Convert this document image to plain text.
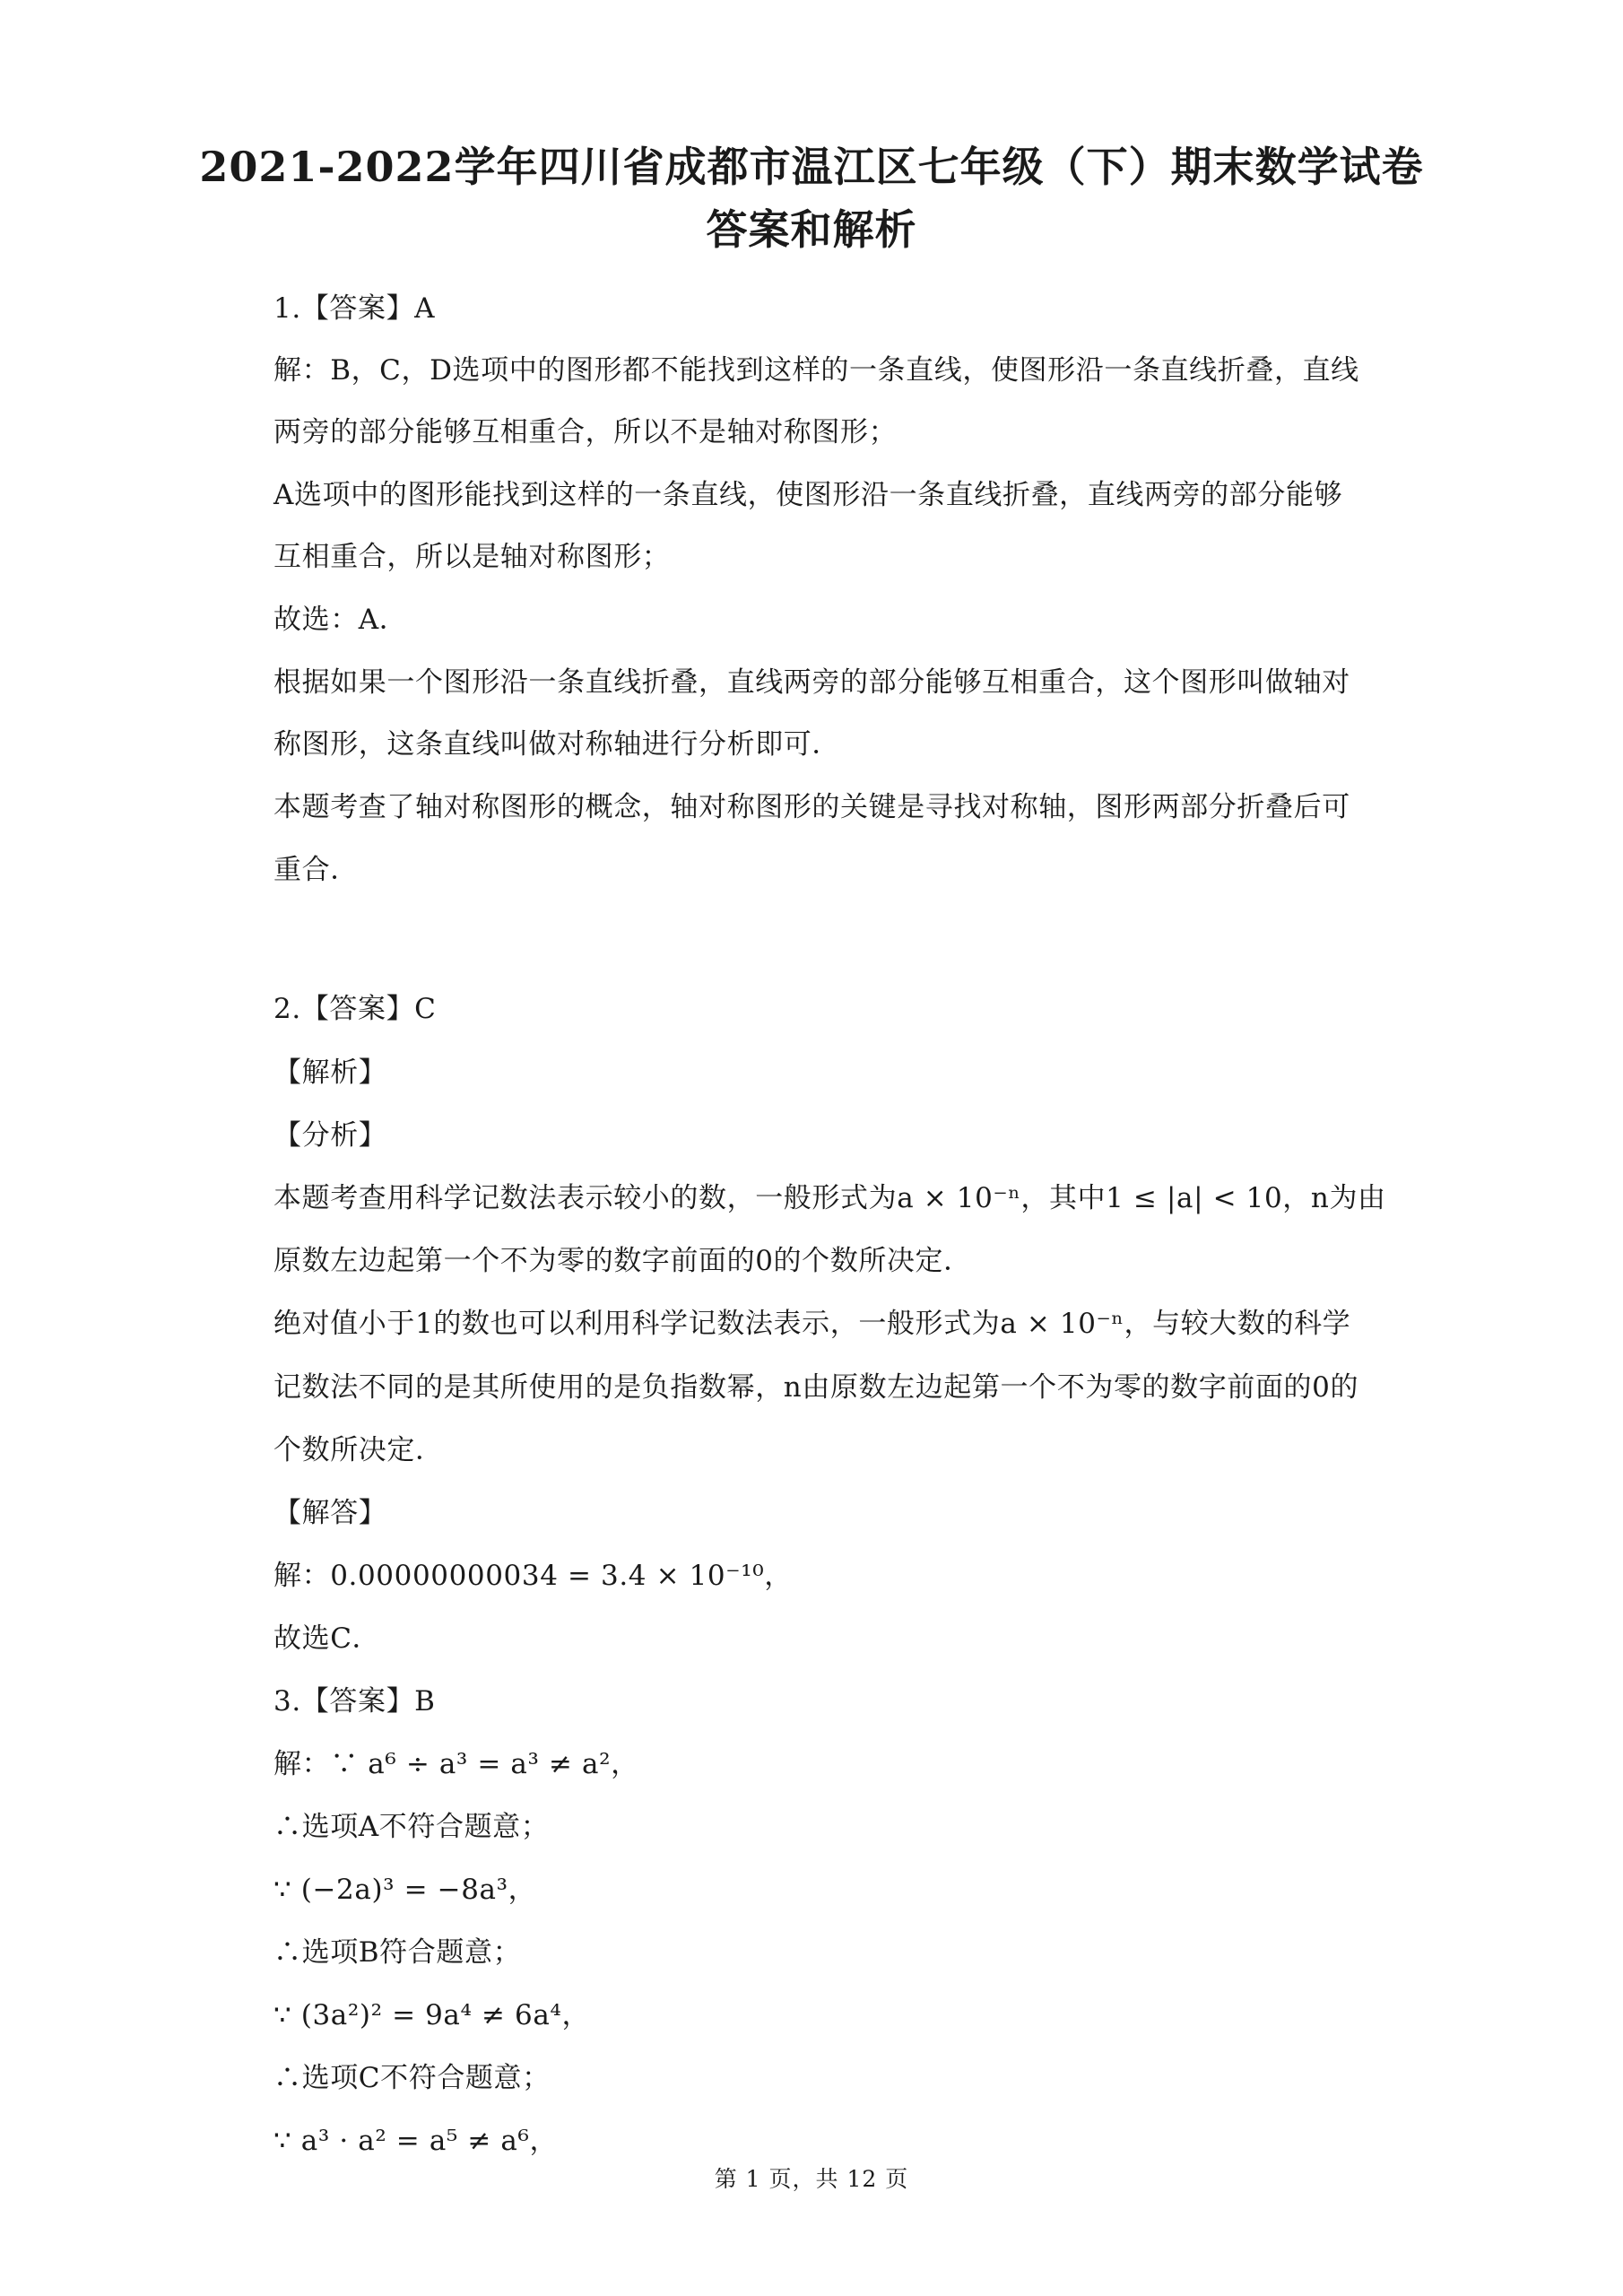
2021-2022学年四川省成都市温江区七年级（下）期末数学试卷
答案和解析
1.【答案】A
解：B，C，D选项中的图形都不能找到这样的一条直线，使图形沿一条直线折叠，直线
两旁的部分能够互相重合，所以不是轴对称图形；
A选项中的图形能找到这样的一条直线，使图形沿一条直线折叠，直线两旁的部分能够
互相重合，所以是轴对称图形；
故选：A．
根据如果一个图形沿一条直线折叠，直线两旁的部分能够互相重合，这个图形叫做轴对
称图形，这条直线叫做对称轴进行分析即可．
本题考查了轴对称图形的概念，轴对称图形的关键是寻找对称轴，图形两部分折叠后可
重合．
2.【答案】C
【解析】
【分析】
本题考查用科学记数法表示较小的数，一般形式为a × 10⁻ⁿ，其中1 ≤ |a| < 10，n为由
原数左边起第一个不为零的数字前面的0的个数所决定．
绝对值小于1的数也可以利用科学记数法表示，一般形式为a × 10⁻ⁿ，与较大数的科学
记数法不同的是其所使用的是负指数幂，n由原数左边起第一个不为零的数字前面的0的
个数所决定．
【解答】
解：0.00000000034 = 3.4 × 10⁻¹⁰，
故选C．
3.【答案】B
解：∵ a⁶ ÷ a³ = a³ ≠ a²，
∴选项A不符合题意；
∵ (−2a)³ = −8a³，
∴选项B符合题意；
∵ (3a²)² = 9a⁴ ≠ 6a⁴，
∴选项C不符合题意；
∵ a³ · a² = a⁵ ≠ a⁶，
第 1 页，共 12 页
